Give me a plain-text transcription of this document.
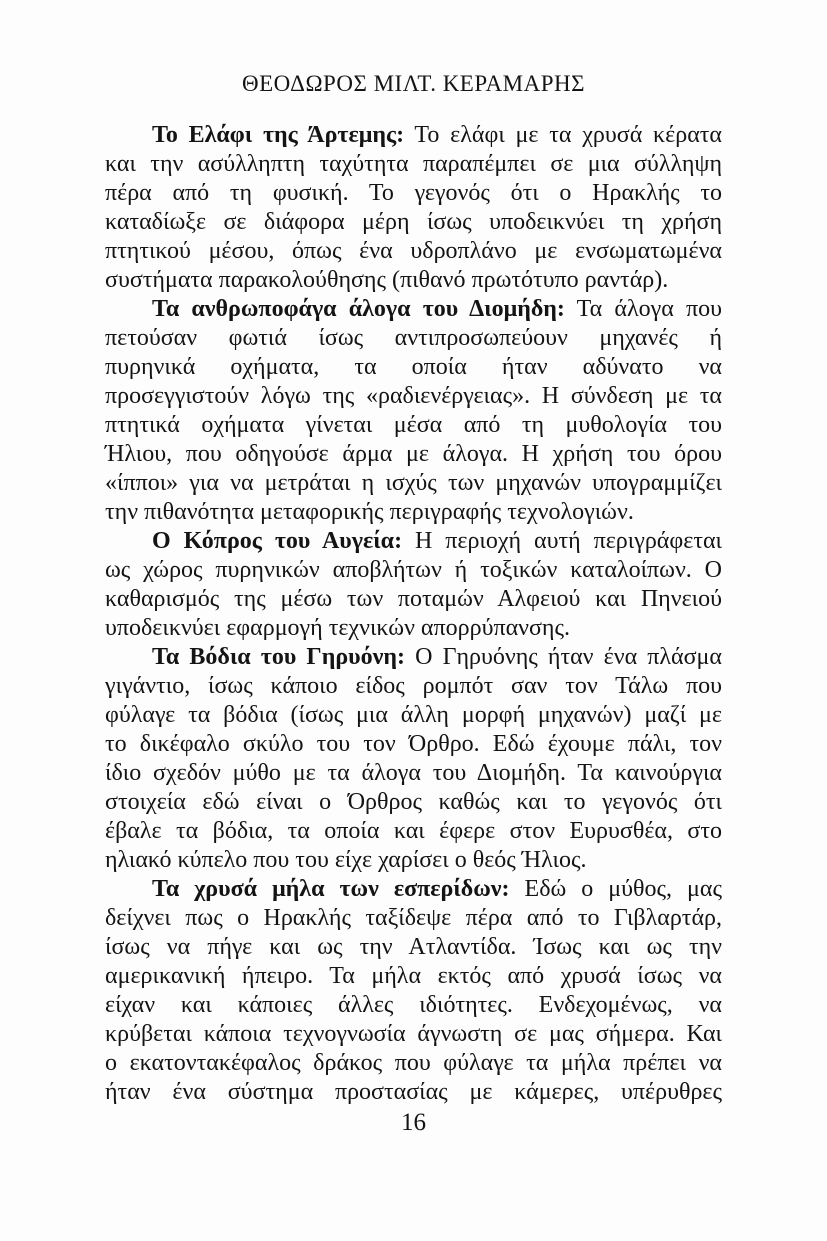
ΘΕΟΔΩΡΟΣ ΜΙΛΤ. ΚΕΡΑΜΑΡΗΣ
Το Ελάφι της Άρτεμης: Το ελάφι με τα χρυσά κέρατα
και την ασύλληπτη ταχύτητα παραπέμπει σε μια σύλληψη
πέρα από τη φυσική. Το γεγονός ότι ο Ηρακλής το
καταδίωξε σε διάφορα μέρη ίσως υποδεικνύει τη χρήση
πτητικού μέσου, όπως ένα υδροπλάνο με ενσωματωμένα
συστήματα παρακολούθησης (πιθανό πρωτότυπο ραντάρ).
Τα ανθρωποφάγα άλογα του Διομήδη: Τα άλογα που
πετούσαν φωτιά ίσως αντιπροσωπεύουν μηχανές ή
πυρηνικά οχήματα, τα οποία ήταν αδύνατο να
προσεγγιστούν λόγω της «ραδιενέργειας». Η σύνδεση με τα
πτητικά οχήματα γίνεται μέσα από τη μυθολογία του
Ήλιου, που οδηγούσε άρμα με άλογα. Η χρήση του όρου
«ίπποι» για να μετράται η ισχύς των μηχανών υπογραμμίζει
την πιθανότητα μεταφορικής περιγραφής τεχνολογιών.
Ο Κόπρος του Αυγεία: Η περιοχή αυτή περιγράφεται
ως χώρος πυρηνικών αποβλήτων ή τοξικών καταλοίπων. Ο
καθαρισμός της μέσω των ποταμών Αλφειού και Πηνειού
υποδεικνύει εφαρμογή τεχνικών απορρύπανσης.
Τα Βόδια του Γηρυόνη: Ο Γηρυόνης ήταν ένα πλάσμα
γιγάντιο, ίσως κάποιο είδος ρομπότ σαν τον Τάλω που
φύλαγε τα βόδια (ίσως μια άλλη μορφή μηχανών) μαζί με
το δικέφαλο σκύλο του τον Όρθρο. Εδώ έχουμε πάλι, τον
ίδιο σχεδόν μύθο με τα άλογα του Διομήδη. Τα καινούργια
στοιχεία εδώ είναι ο Όρθρος καθώς και το γεγονός ότι
έβαλε τα βόδια, τα οποία και έφερε στον Ευρυσθέα, στο
ηλιακό κύπελο που του είχε χαρίσει ο θεός Ήλιος.
Τα χρυσά μήλα των εσπερίδων: Εδώ ο μύθος, μας
δείχνει πως ο Ηρακλής ταξίδεψε πέρα από το Γιβλαρτάρ,
ίσως να πήγε και ως την Ατλαντίδα. Ίσως και ως την
αμερικανική ήπειρο. Τα μήλα εκτός από χρυσά ίσως να
είχαν και κάποιες άλλες ιδιότητες. Ενδεχομένως, να
κρύβεται κάποια τεχνογνωσία άγνωστη σε μας σήμερα. Και
ο εκατοντακέφαλος δράκος που φύλαγε τα μήλα πρέπει να
ήταν ένα σύστημα προστασίας με κάμερες, υπέρυθρες
16
